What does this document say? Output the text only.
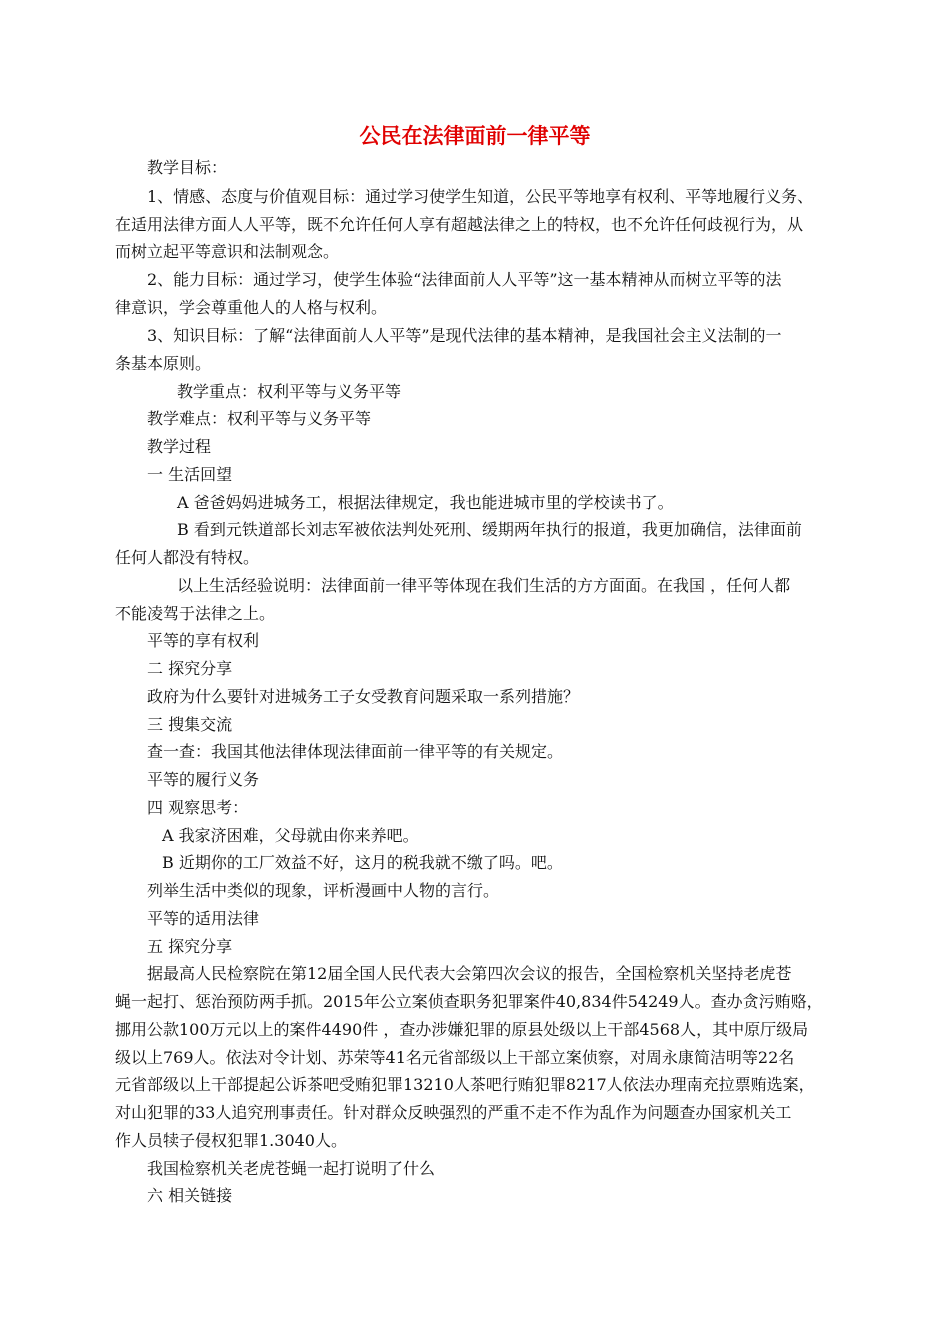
公民在法律面前一律平等
教学目标：
1、情感、态度与价值观目标：通过学习使学生知道，公民平等地享有权利、平等地履行义务、
在适用法律方面人人平等，既不允许任何人享有超越法律之上的特权，也不允许任何歧视行为，从
而树立起平等意识和法制观念。
2、能力目标：通过学习，使学生体验“法律面前人人平等”这一基本精神从而树立平等的法
律意识，学会尊重他人的人格与权利。
3、知识目标：了解“法律面前人人平等”是现代法律的基本精神，是我国社会主义法制的一
条基本原则。
教学重点：权利平等与义务平等
教学难点：权利平等与义务平等
教学过程
一 生活回望
A 爸爸妈妈进城务工，根据法律规定，我也能进城市里的学校读书了。
B 看到元铁道部长刘志军被依法判处死刑、缓期两年执行的报道，我更加确信，法律面前
任何人都没有特权。
以上生活经验说明：法律面前一律平等体现在我们生活的方方面面。在我国 ，任何人都
不能凌驾于法律之上。
平等的享有权利
二 探究分享
政府为什么要针对进城务工子女受教育问题采取一系列措施？
三 搜集交流
查一查：我国其他法律体现法律面前一律平等的有关规定。
平等的履行义务
四 观察思考：
A 我家济困难，父母就由你来养吧。
B 近期你的工厂效益不好，这月的税我就不缴了吗。吧。
列举生活中类似的现象，评析漫画中人物的言行。
平等的适用法律
五 探究分享
据最高人民检察院在第12届全国人民代表大会第四次会议的报告，全国检察机关坚持老虎苍
蝇一起打、惩治预防两手抓。2015年公立案侦查职务犯罪案件40,834件54249人。查办贪污贿赂，
挪用公款100万元以上的案件4490件 ，查办涉嫌犯罪的原县处级以上干部4568人，其中原厅级局
级以上769人。依法对令计划、苏荣等41名元省部级以上干部立案侦察，对周永康简洁明等22名
元省部级以上干部提起公诉茶吧受贿犯罪13210人茶吧行贿犯罪8217人依法办理南充拉票贿选案，
对山犯罪的33人追究刑事责任。针对群众反映强烈的严重不走不作为乱作为问题查办国家机关工
作人员犊子侵权犯罪1.3040人。
我国检察机关老虎苍蝇一起打说明了什么
六 相关链接
